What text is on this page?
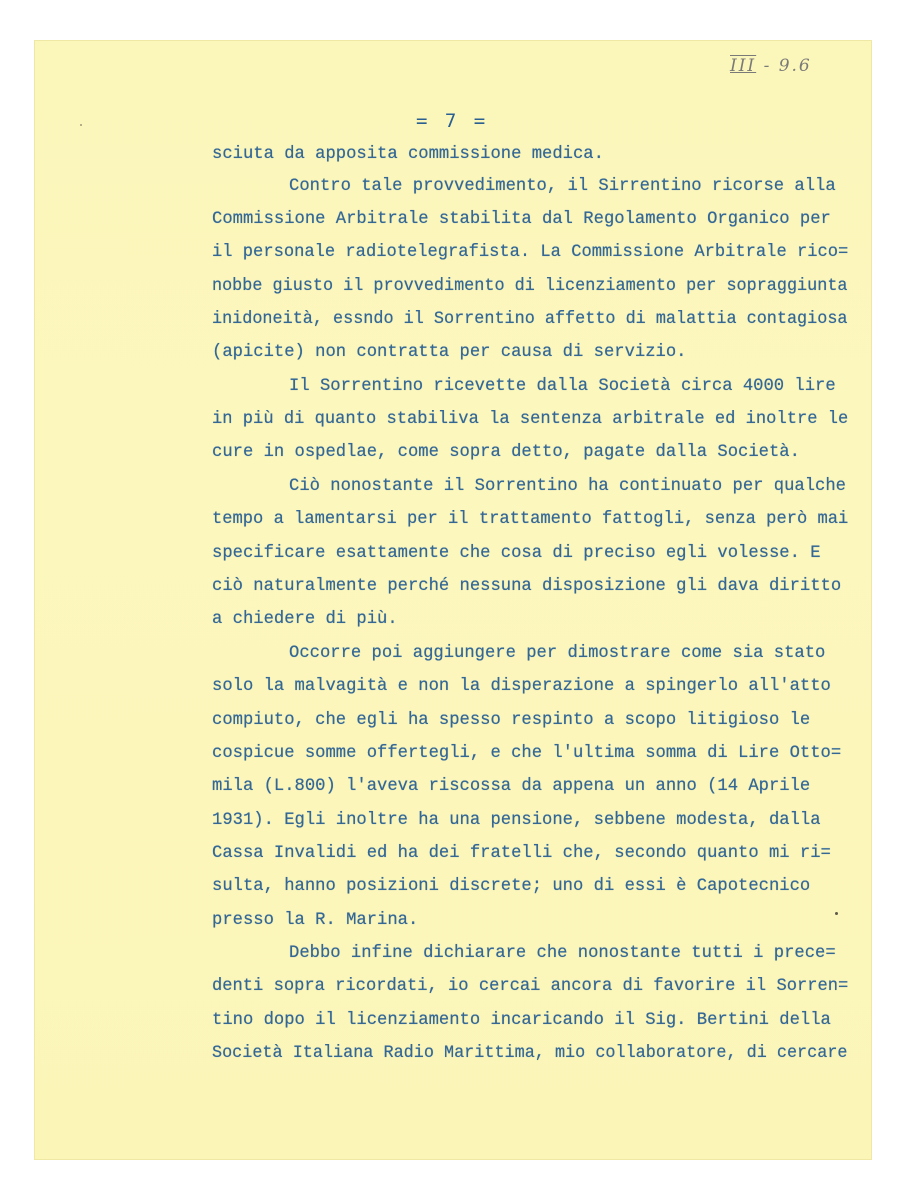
III - 9.6

= 7 =

sciuta da apposita commissione medica.

Contro tale provvedimento, il Sirrentino ricorse alla

Commissione Arbitrale stabilita dal Regolamento Organico per

il personale radiotelegrafista. La Commissione Arbitrale rico=

nobbe giusto il provvedimento di licenziamento per sopraggiunta

inidoneità, essndo il Sorrentino affetto di malattia contagiosa

(apicite) non contratta per causa di servizio.

Il Sorrentino ricevette dalla Società circa 4000 lire

in più di quanto stabiliva la sentenza arbitrale ed inoltre le

cure in ospedlae, come sopra detto, pagate dalla Società.

Ciò nonostante il Sorrentino ha continuato per qualche

tempo a lamentarsi per il trattamento fattogli, senza però mai

specificare esattamente che cosa di preciso egli volesse. E

ciò naturalmente perché nessuna disposizione gli dava diritto

a chiedere di più.

Occorre poi aggiungere per dimostrare come sia stato

solo la malvagità e non la disperazione a spingerlo all'atto

compiuto, che egli ha spesso respinto a scopo litigioso le

cospicue somme offertegli, e che l'ultima somma di Lire Otto=

mila (L.800) l'aveva riscossa da appena un anno (14 Aprile

1931). Egli inoltre ha una pensione, sebbene modesta, dalla

Cassa Invalidi ed ha dei fratelli che, secondo quanto mi ri=

sulta, hanno posizioni discrete; uno di essi è Capotecnico

presso la R. Marina.

Debbo infine dichiarare che nonostante tutti i prece=

denti sopra ricordati, io cercai ancora di favorire il Sorren=

tino dopo il licenziamento incaricando il Sig. Bertini della

Società Italiana Radio Marittima, mio collaboratore, di cercare
